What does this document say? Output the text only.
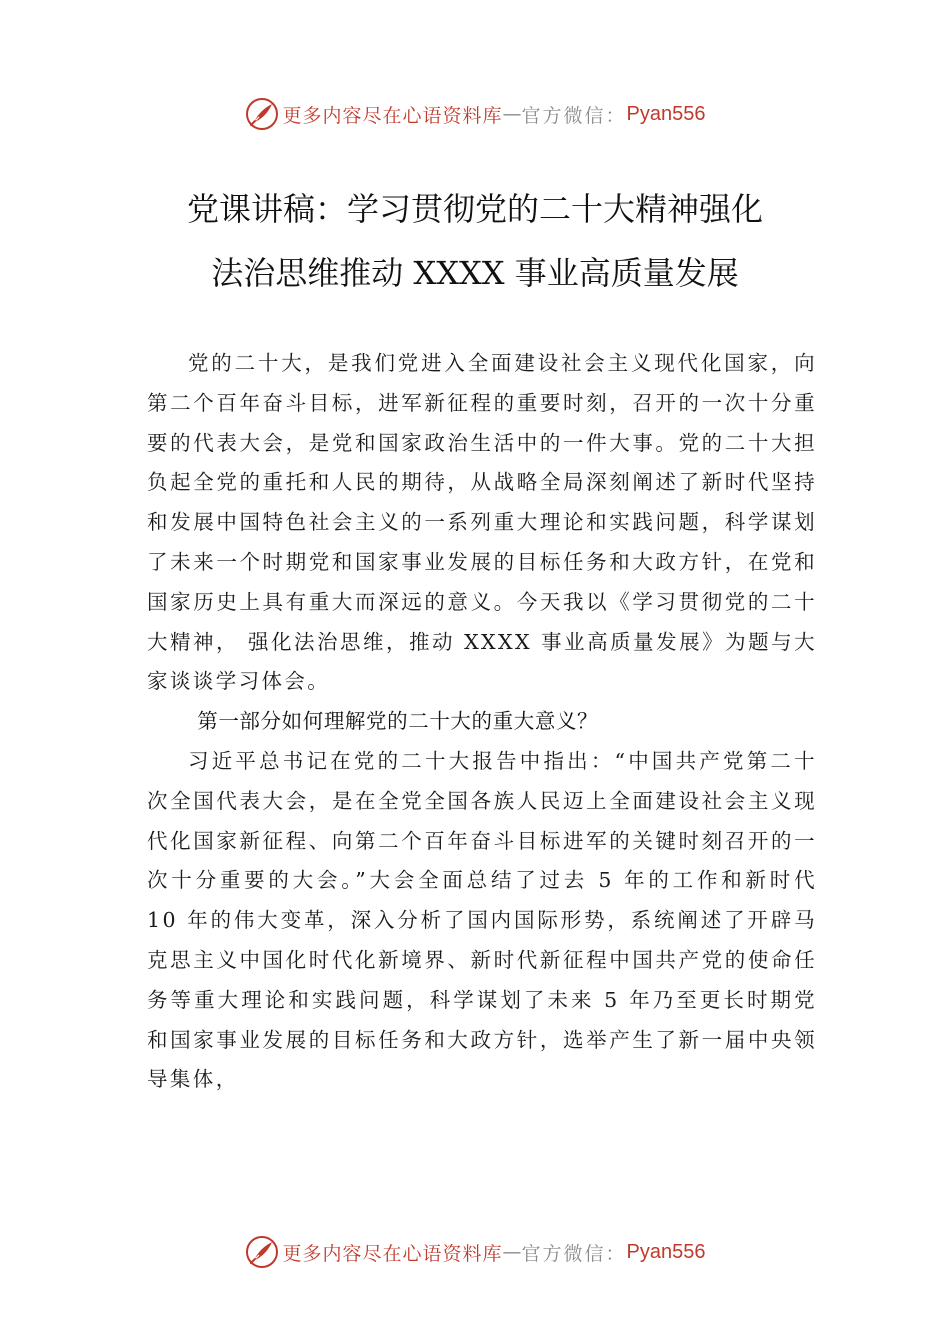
更多内容尽在心语资料库 — 官方微信： Pyan556
党课讲稿：学习贯彻党的二十大精神强化
法治思维推动 XXXX 事业高质量发展

党的二十大，是我们党进入全面建设社会主义现代化国家，向第二个百年奋斗目标，进军新征程的重要时刻，召开的一次十分重要的代表大会，是党和国家政治生活中的一件大事。党的二十大担负起全党的重托和人民的期待，从战略全局深刻阐述了新时代坚持和发展中国特色社会主义的一系列重大理论和实践问题，科学谋划了未来一个时期党和国家事业发展的目标任务和大政方针，在党和国家历史上具有重大而深远的意义。今天我以《学习贯彻党的二十大精神， 强化法治思维，推动 XXXX 事业高质量发展》为题与大家谈谈学习体会。

第一部分如何理解党的二十大的重大意义？

习近平总书记在党的二十大报告中指出：“中国共产党第二十次全国代表大会，是在全党全国各族人民迈上全面建设社会主义现代化国家新征程、向第二个百年奋斗目标进军的关键时刻召开的一次十分重要的大会。”大会全面总结了过去 5 年的工作和新时代 10 年的伟大变革，深入分析了国内国际形势，系统阐述了开辟马克思主义中国化时代化新境界、新时代新征程中国共产党的使命任务等重大理论和实践问题，科学谋划了未来 5 年乃至更长时期党和国家事业发展的目标任务和大政方针，选举产生了新一届中央领导集体，

更多内容尽在心语资料库 — 官方微信： Pyan556
